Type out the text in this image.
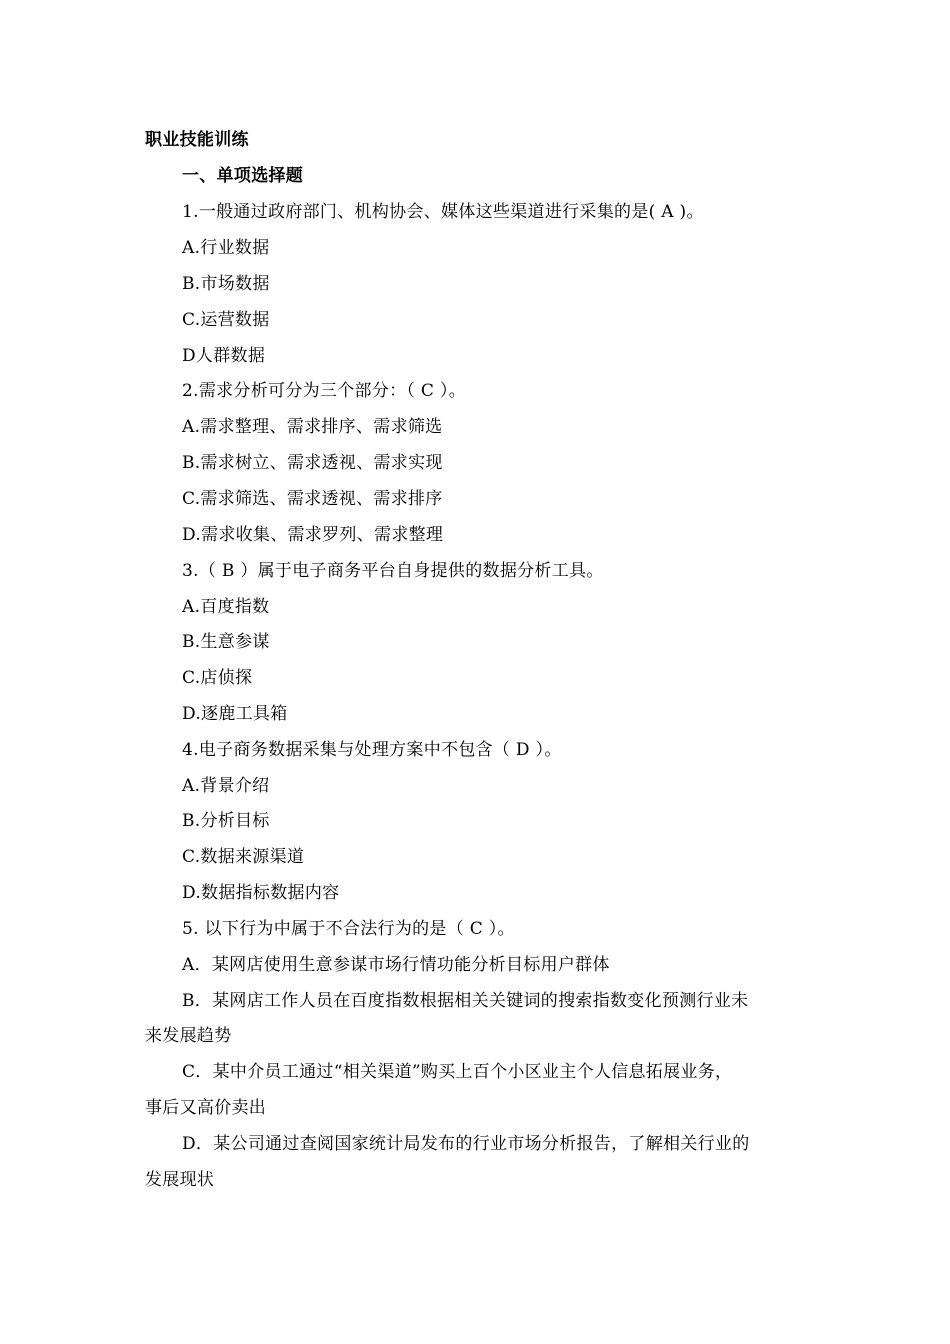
职业技能训练
一、单项选择题
1.一般通过政府部门、机构协会、媒体这些渠道进行采集的是( A )。
A.行业数据
B.市场数据
C.运营数据
D人群数据
2.需求分析可分为三个部分：（ C ）。
A.需求整理、需求排序、需求筛选
B.需求树立、需求透视、需求实现
C.需求筛选、需求透视、需求排序
D.需求收集、需求罗列、需求整理
3.（ B ）属于电子商务平台自身提供的数据分析工具。
A.百度指数
B.生意参谋
C.店侦探
D.逐鹿工具箱
4.电子商务数据采集与处理方案中不包含（ D ）。
A.背景介绍
B.分析目标
C.数据来源渠道
D.数据指标数据内容
5. 以下行为中属于不合法行为的是（ C ）。
A．某网店使用生意参谋市场行情功能分析目标用户群体
B．某网店工作人员在百度指数根据相关关键词的搜索指数变化预测行业未
来发展趋势
C．某中介员工通过“相关渠道”购买上百个小区业主个人信息拓展业务，
事后又高价卖出
D．某公司通过查阅国家统计局发布的行业市场分析报告，了解相关行业的
发展现状
